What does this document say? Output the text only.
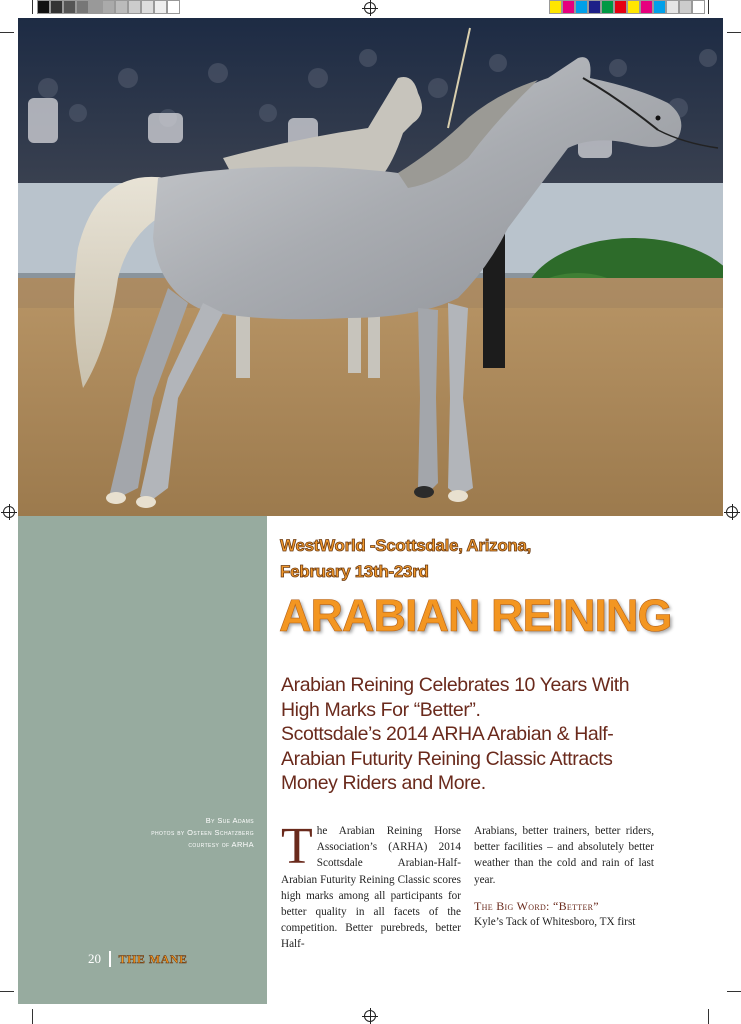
WestWorld -Scottsdale, Arizona,
February 13th-23rd
ARABIAN REINING

Arabian Reining Celebrates 10 Years With High Marks For “Better”.

Scottsdale’s 2014 ARHA Arabian & Half-Arabian Futurity Reining Classic Attracts Money Riders and More.

By Sue Adams
photos by Osteen Schatzberg
courtesy of ARHA T he Arabian Reining Horse Association’s (ARHA) 2014 Scottsdale Arabian-Half-Arabian Futurity Reining Classic scores high marks among all participants for better quality in all facets of the competition. Better purebreds, better Half-

Arabians, better trainers, better riders, better facilities – and absolutely better weather than the cold and rain of last year.

The Big Word: “Better”

Kyle’s Tack of Whitesboro, TX first

20 THE MANE
